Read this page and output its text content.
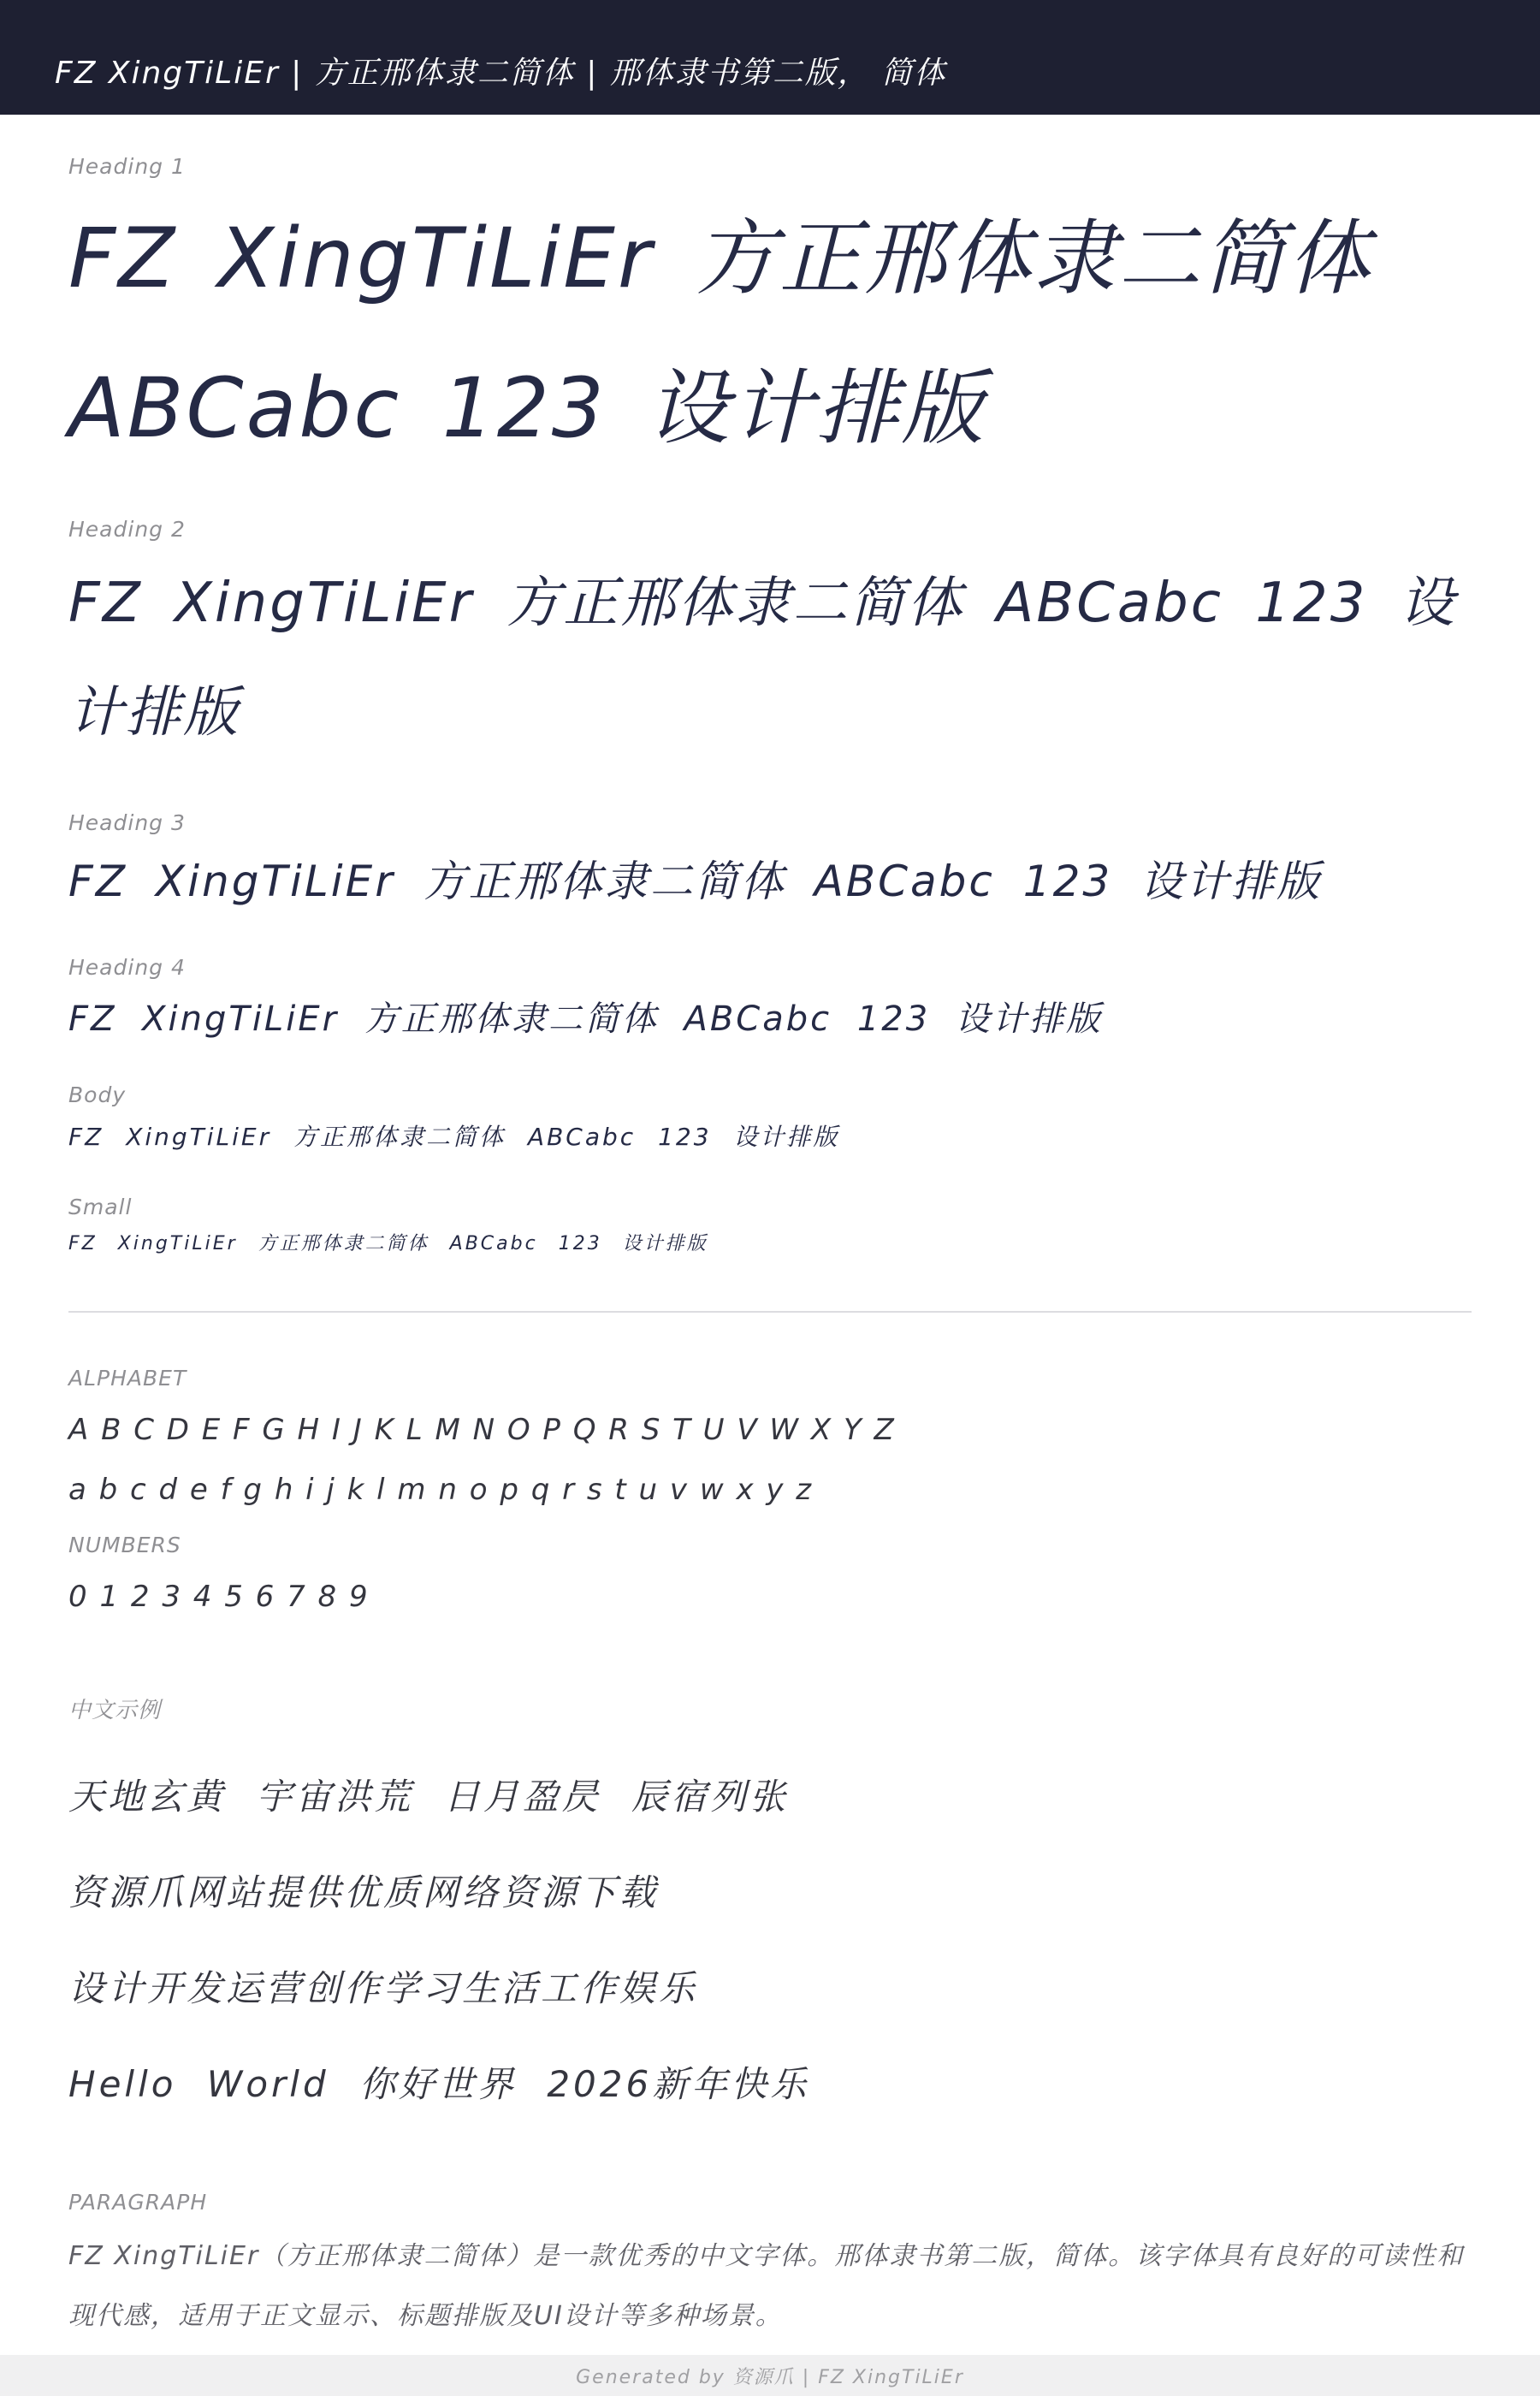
FZ XingTiLiEr | 方正邢体隶二简体 | 邢体隶书第二版， 简体
Heading 1
FZ XingTiLiEr 方正邢体隶二简体 ABCabc 123 设计排版
Heading 2
FZ XingTiLiEr 方正邢体隶二简体 ABCabc 123 设计排版
Heading 3
FZ XingTiLiEr 方正邢体隶二简体 ABCabc 123 设计排版
Heading 4
FZ XingTiLiEr 方正邢体隶二简体 ABCabc 123 设计排版
Body
FZ XingTiLiEr 方正邢体隶二简体 ABCabc 123 设计排版
Small
FZ XingTiLiEr 方正邢体隶二简体 ABCabc 123 设计排版
ALPHABET
A B C D E F G H I J K L M N O P Q R S T U V W X Y Z
a b c d e f g h i j k l m n o p q r s t u v w x y z
NUMBERS
0 1 2 3 4 5 6 7 8 9
中文示例
天地玄黄 宇宙洪荒 日月盈昃 辰宿列张
资源爪网站提供优质网络资源下载
设计开发运营创作学习生活工作娱乐
Hello World 你好世界 2026新年快乐
PARAGRAPH

FZ XingTiLiEr（方正邢体隶二简体）是一款优秀的中文字体。邢体隶书第二版，简体。该字体具有良好的可读性和现代感，适用于正文显示、标题排版及UI设计等多种场景。

Generated by 资源爪 | FZ XingTiLiEr
